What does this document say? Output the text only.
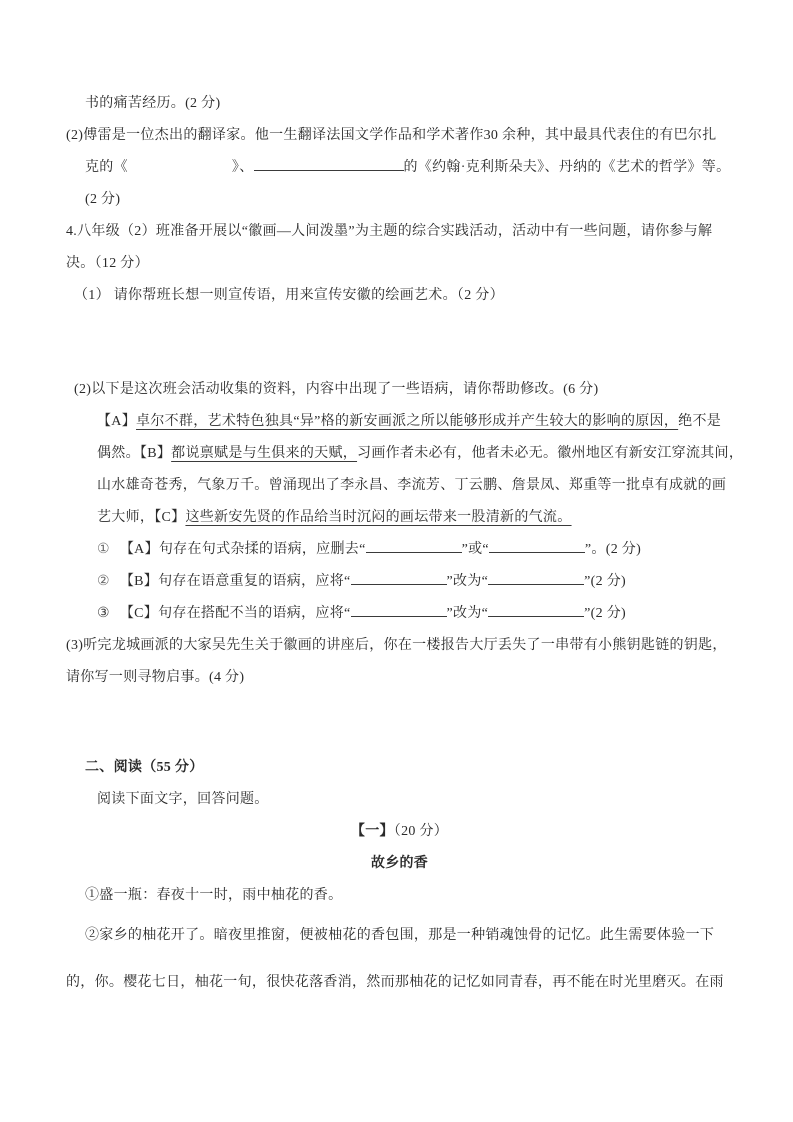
书的痛苦经历。(2 分)
(2)傅雷是一位杰出的翻译家。他一生翻译法国文学作品和学术著作30 余种，其中最具代表住的有巴尔扎
克的《	》、	的《约翰·克利斯朵夫》、丹纳的《艺术的哲学》等。
(2 分)
4.八年级（2）班准备开展以“徽画—人间泼墨”为主题的综合实践活动，活动中有一些问题，请你参与解
决。（12 分）
（1） 请你帮班长想一则宣传语，用来宣传安徽的绘画艺术。（2 分）
(2)以下是这次班会活动收集的资料，内容中出现了一些语病，请你帮助修改。(6 分)
【A】卓尔不群，艺术特色独具“异”格的新安画派之所以能够形成并产生较大的影响的原因，绝不是
偶然。【B】都说禀赋是与生俱来的天赋，习画作者未必有，他者未必无。徽州地区有新安江穿流其间，
山水雄奇苍秀，气象万千。曾涌现出了李永昌、李流芳、丁云鹏、詹景凤、郑重等一批卓有成就的画
艺大师，【C】这些新安先贤的作品给当时沉闷的画坛带来一股清新的气流。
① 【A】句存在句式杂揉的语病，应删去“	”或“	”。(2 分)
② 【B】句存在语意重复的语病，应将“	”改为“	”(2 分)
③ 【C】句存在搭配不当的语病，应将“	”改为“	”(2 分)
(3)听完龙城画派的大家吴先生关于徽画的讲座后，你在一楼报告大厅丢失了一串带有小熊钥匙链的钥匙，
请你写一则寻物启事。(4 分)
二、阅读（55 分）
阅读下面文字，回答问题。
【一】（20 分）
故乡的香
①盛一瓶：春夜十一时，雨中柚花的香。
②家乡的柚花开了。暗夜里推窗，便被柚花的香包围，那是一种销魂蚀骨的记忆。此生需要体验一下
的，你。樱花七日，柚花一旬，很快花落香消，然而那柚花的记忆如同青春，再不能在时光里磨灭。在雨
